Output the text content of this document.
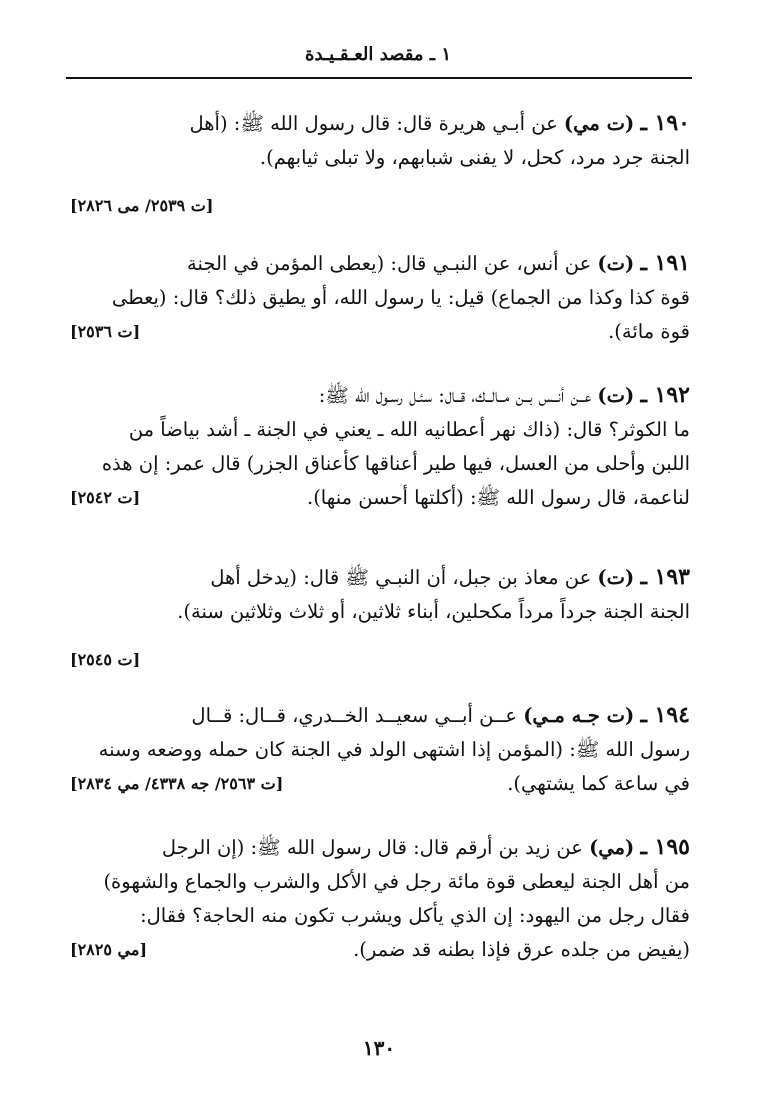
١ ـ مقصد العـقـيـدة
١٩٠ ـ (ت مي) عن أبـي هريرة قال: قال رسول الله ﷺ: (أهل
الجنة جرد مرد، كحل، لا يفنى شبابهم، ولا تبلى ثيابهم).
[ت ٢٥٣٩/ مى ٢٨٢٦]
١٩١ ـ (ت) عن أنس، عن النبـي قال: (يعطى المؤمن في الجنة
قوة كذا وكذا من الجماع) قيل: يا رسول الله، أو يطيق ذلك؟ قال: (يعطى
قوة مائة).
[ت ٢٥٣٦]
١٩٢ ـ (ت) عــن أنــس بــن مــالــك، قــال: سئـل رسـول الله ﷺ:
ما الكوثر؟ قال: (ذاك نهر أعطانيه الله ـ يعني في الجنة ـ أشد بياضاً من
اللبن وأحلى من العسل، فيها طير أعناقها كأعناق الجزر) قال عمر: إن هذه
لناعمة، قال رسول الله ﷺ: (أكلتها أحسن منها).
[ت ٢٥٤٢]
١٩٣ ـ (ت) عن معاذ بن جبل، أن النبـي ﷺ قال: (يدخل أهل
الجنة الجنة جرداً مرداً مكحلين، أبناء ثلاثين، أو ثلاث وثلاثين سنة).
[ت ٢٥٤٥]
١٩٤ ـ (ت جـه مـي) عــن أبــي سعيــد الخــدري، قــال: قــال
رسول الله ﷺ: (المؤمن إذا اشتهى الولد في الجنة كان حمله ووضعه وسنه
في ساعة كما يشتهي).
[ت ٢٥٦٣/ جه ٤٣٣٨/ مي ٢٨٣٤]
١٩٥ ـ (مي) عن زيد بن أرقم قال: قال رسول الله ﷺ: (إن الرجل
من أهل الجنة ليعطى قوة مائة رجل في الأكل والشرب والجماع والشهوة)
فقال رجل من اليهود: إن الذي يأكل ويشرب تكون منه الحاجة؟ فقال:
(يفيض من جلده عرق فإذا بطنه قد ضمر).
[مي ٢٨٢٥]
١٣٠
